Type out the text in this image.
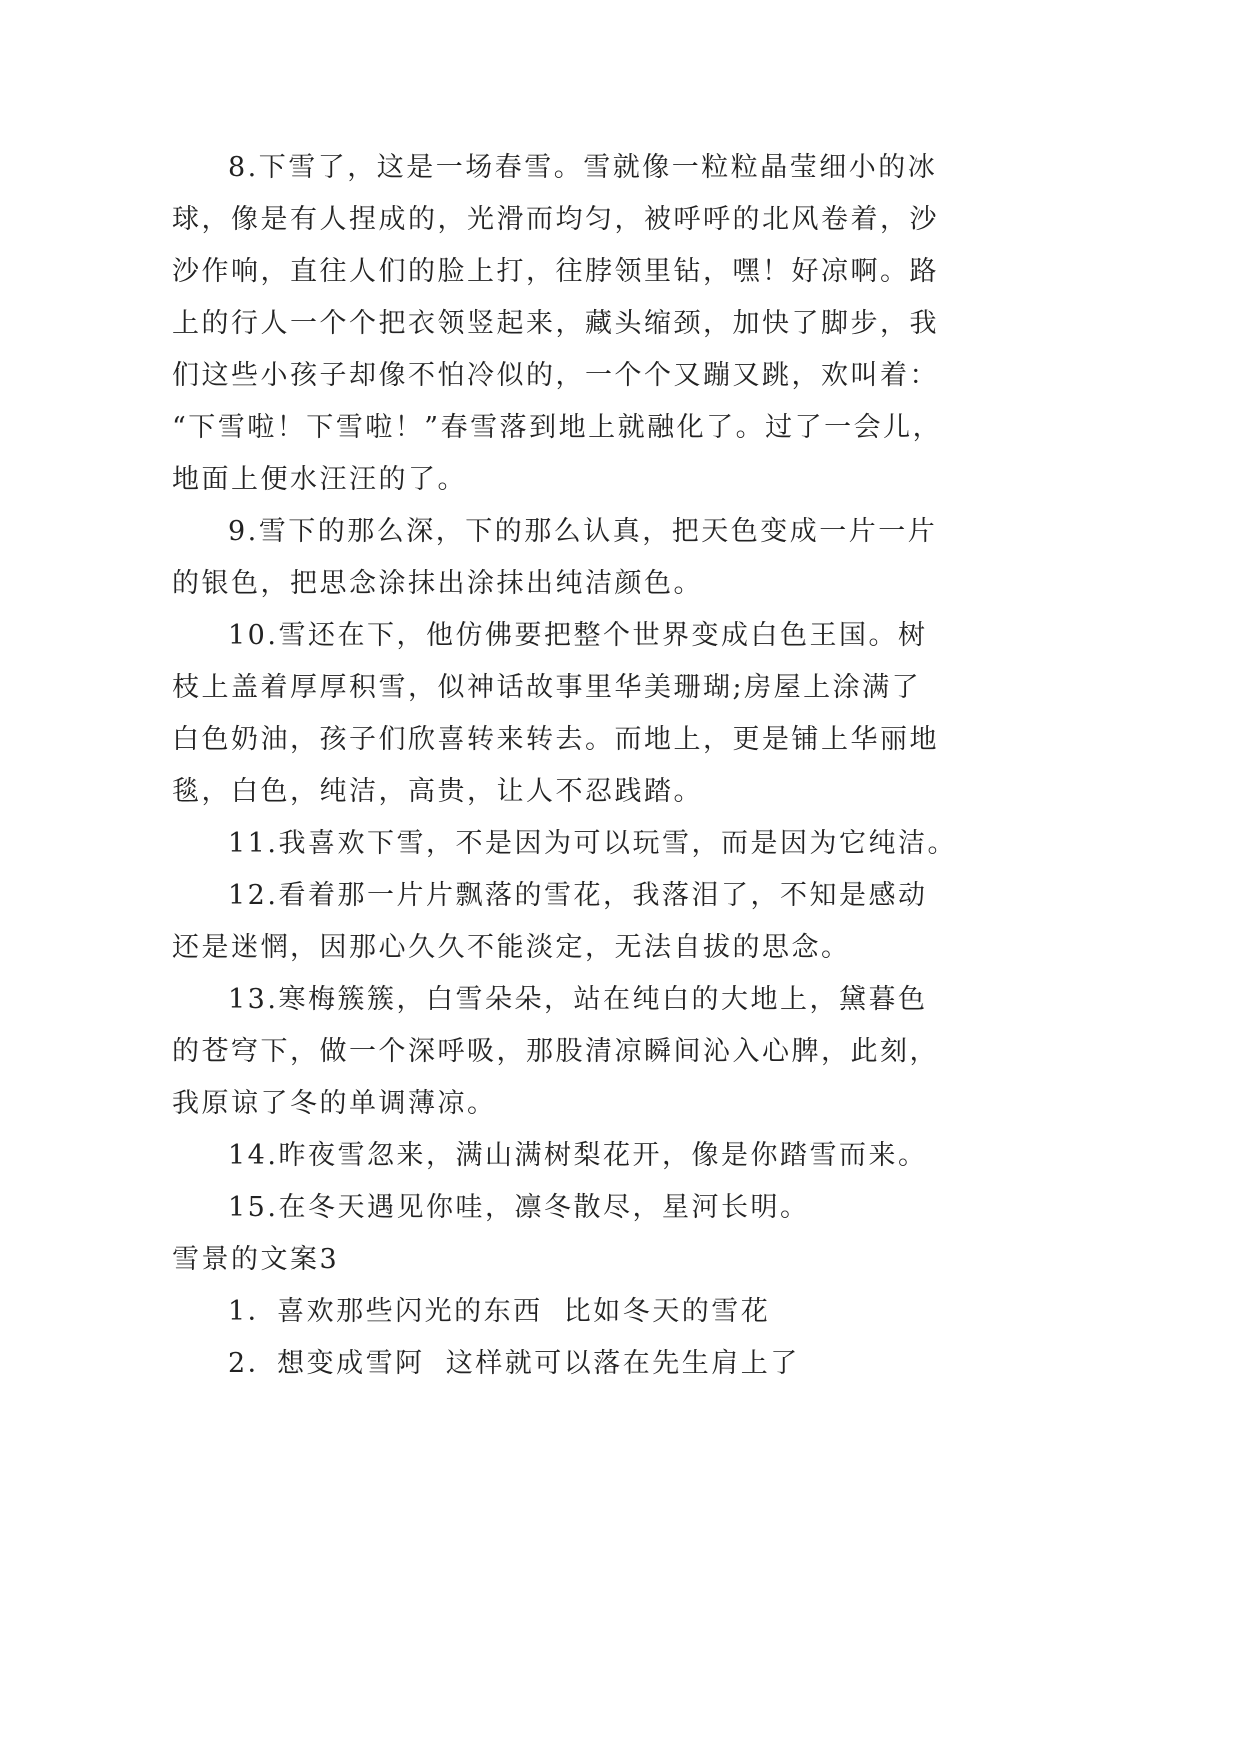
8.下雪了，这是一场春雪。雪就像一粒粒晶莹细小的冰
球，像是有人捏成的，光滑而均匀，被呼呼的北风卷着，沙
沙作响，直往人们的脸上打，往脖领里钻，嘿！好凉啊。路
上的行人一个个把衣领竖起来，藏头缩颈，加快了脚步，我
们这些小孩子却像不怕冷似的，一个个又蹦又跳，欢叫着：
“下雪啦！下雪啦！”春雪落到地上就融化了。过了一会儿，
地面上便水汪汪的了。
9.雪下的那么深，下的那么认真，把天色变成一片一片
的银色，把思念涂抹出涂抹出纯洁颜色。
10.雪还在下，他仿佛要把整个世界变成白色王国。树
枝上盖着厚厚积雪，似神话故事里华美珊瑚;房屋上涂满了
白色奶油，孩子们欣喜转来转去。而地上，更是铺上华丽地
毯，白色，纯洁，高贵，让人不忍践踏。
11.我喜欢下雪，不是因为可以玩雪，而是因为它纯洁。
12.看着那一片片飘落的雪花，我落泪了，不知是感动
还是迷惘，因那心久久不能淡定，无法自拔的思念。
13.寒梅簇簇，白雪朵朵，站在纯白的大地上，黛暮色
的苍穹下，做一个深呼吸，那股清凉瞬间沁入心脾，此刻，
我原谅了冬的单调薄凉。
14.昨夜雪忽来，满山满树梨花开，像是你踏雪而来。
15.在冬天遇见你哇，凛冬散尽，星河长明。
雪景的文案3
1．喜欢那些闪光的东西 比如冬天的雪花
2．想变成雪阿 这样就可以落在先生肩上了
